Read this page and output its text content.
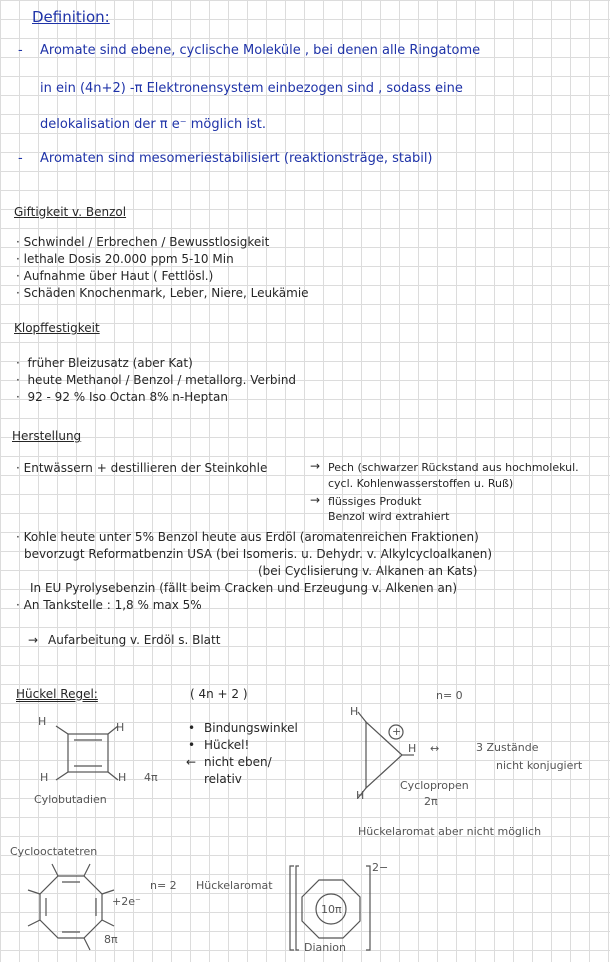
Definition:
- Aromate sind ebene, cyclische Moleküle , bei denen alle Ringatome
in ein (4n+2) -π Elektronensystem einbezogen sind , sodass eine
delokalisation der π e⁻ möglich ist.
- Aromaten sind mesomeriestabilisiert (reaktionsträge, stabil)
Giftigkeit v. Benzol
· Schwindel / Erbrechen / Bewusstlosigkeit
· lethale Dosis 20.000 ppm 5-10 Min
· Aufnahme über Haut ( Fettlösl.)
· Schäden Knochenmark, Leber, Niere, Leukämie
Klopffestigkeit
·  früher Bleizusatz (aber Kat)
·  heute Methanol / Benzol / metallorg. Verbind
·  92 - 92 % Iso Octan 8% n-Heptan
Herstellung
· Entwässern + destillieren der Steinkohle	→ Pech (schwarzer Rückstand aus hochmolekul.
cycl. Kohlenwasserstoffen u. Ruß)
→ flüssiges Produkt
Benzol wird extrahiert
· Kohle heute unter 5% Benzol heute aus Erdöl (aromatenreichen Fraktionen)
bevorzugt Reformatbenzin USA (bei Isomeris. u. Dehydr. v. Alkylcycloalkanen)
(bei Cyclisierung v. Alkanen an Kats)
In EU Pyrolysebenzin (fällt beim Cracken und Erzeugung v. Alkenen an)
· An Tankstelle : 1,8 % max 5%
→ Aufarbeitung v. Erdöl s. Blatt
Hückel Regel:	( 4n + 2 )	n= 0
• Bindungswinkel
• Hückel!
← nicht eben/
relativ
H	H
H	H 4π
Cylobutadien
H
+
H
H
↔	3 Zustände
nicht konjugiert
Cyclopropen
2π
Hückelaromat aber nicht möglich
Cyclooctatetren
+2e⁻
n= 2 Hückelaromat
8π
10π
2−
Dianion
